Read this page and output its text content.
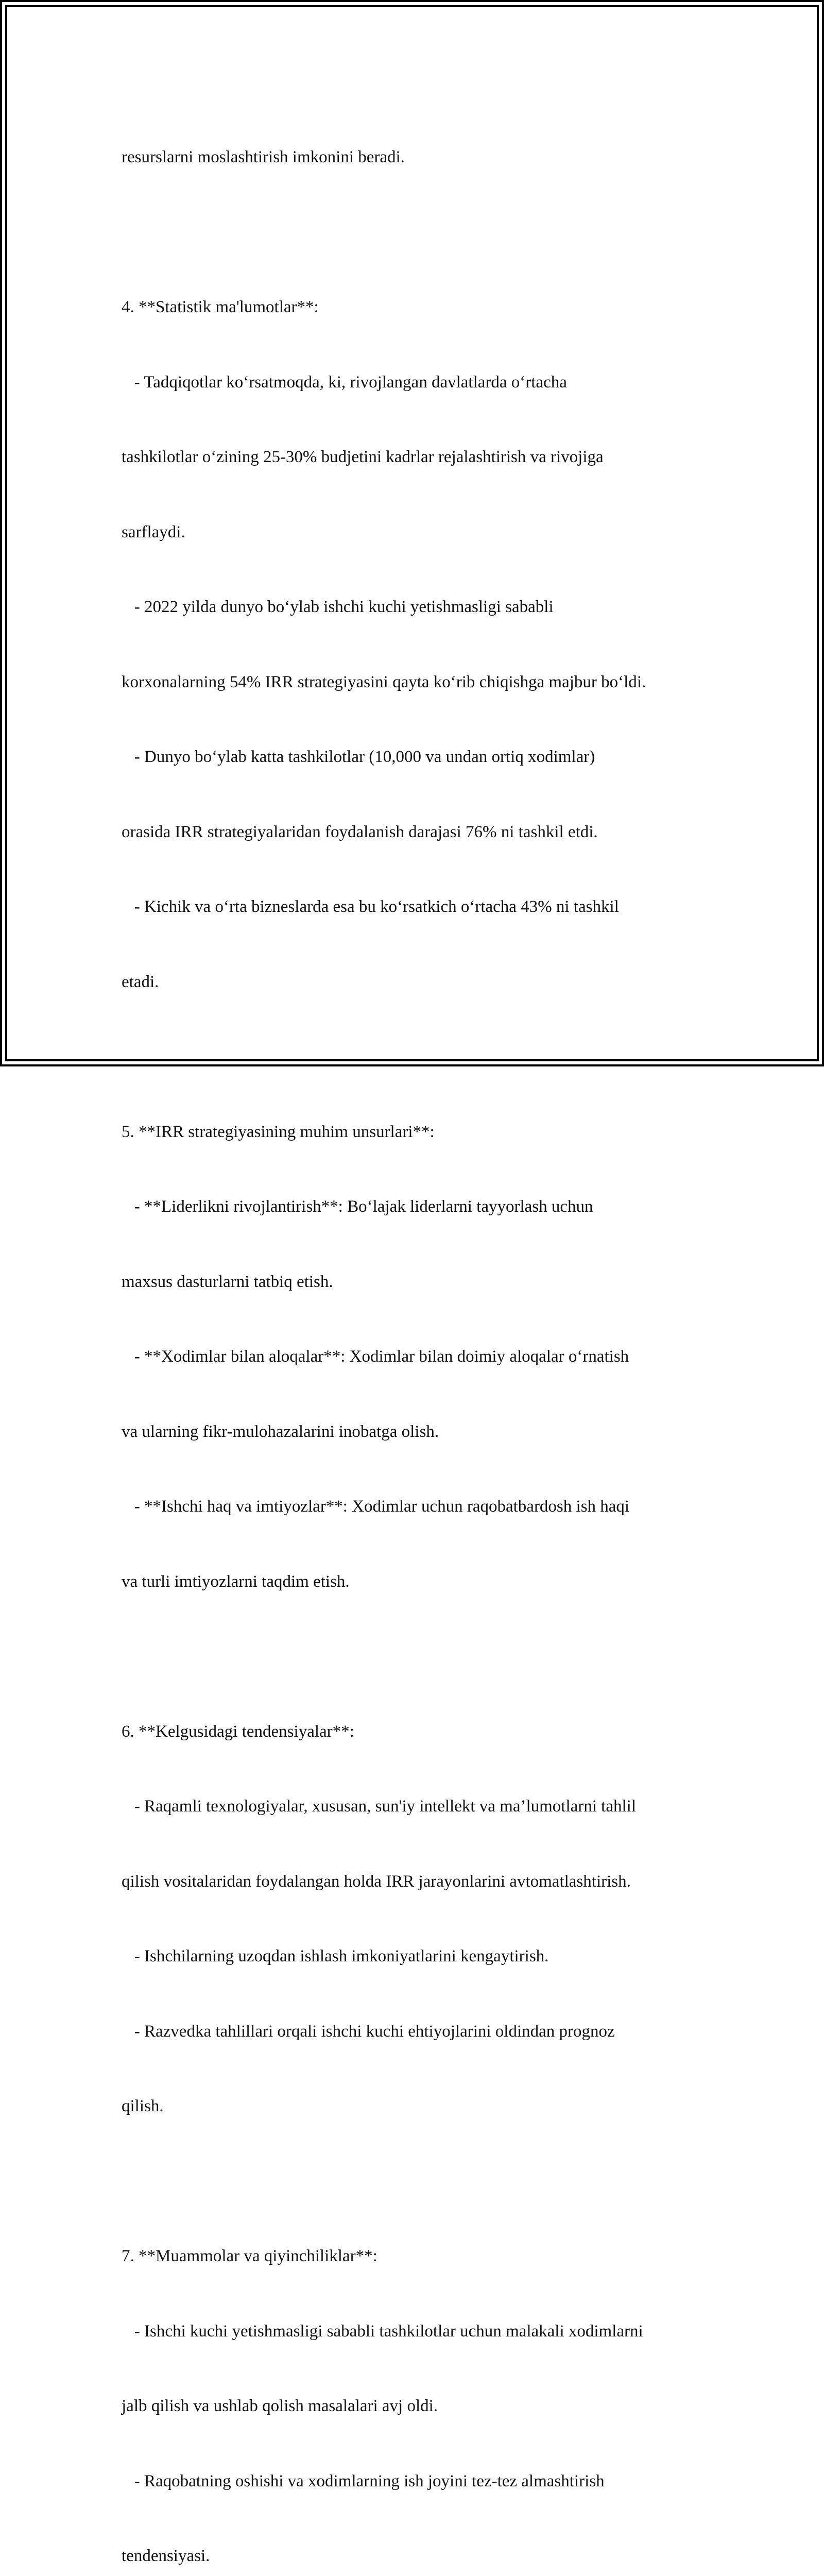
resurslarni moslashtirish imkonini beradi.

4. **Statistik ma'lumotlar**:

- Tadqiqotlar koʻrsatmoqda, ki, rivojlangan davlatlarda oʻrtacha

tashkilotlar oʻzining 25-30% budjetini kadrlar rejalashtirish va rivojiga

sarflaydi.

- 2022 yilda dunyo boʻylab ishchi kuchi yetishmasligi sababli

korxonalarning 54% IRR strategiyasini qayta koʻrib chiqishga majbur boʻldi.

- Dunyo boʻylab katta tashkilotlar (10,000 va undan ortiq xodimlar)

orasida IRR strategiyalaridan foydalanish darajasi 76% ni tashkil etdi.

- Kichik va oʻrta bizneslarda esa bu koʻrsatkich oʻrtacha 43% ni tashkil

etadi.

5. **IRR strategiyasining muhim unsurlari**:

- **Liderlikni rivojlantirish**: Boʻlajak liderlarni tayyorlash uchun

maxsus dasturlarni tatbiq etish.

- **Xodimlar bilan aloqalar**: Xodimlar bilan doimiy aloqalar oʻrnatish

va ularning fikr-mulohazalarini inobatga olish.

- **Ishchi haq va imtiyozlar**: Xodimlar uchun raqobatbardosh ish haqi

va turli imtiyozlarni taqdim etish.

6. **Kelgusidagi tendensiyalar**:

- Raqamli texnologiyalar, xususan, sun'iy intellekt va ma’lumotlarni tahlil

qilish vositalaridan foydalangan holda IRR jarayonlarini avtomatlashtirish.

- Ishchilarning uzoqdan ishlash imkoniyatlarini kengaytirish.

- Razvedka tahlillari orqali ishchi kuchi ehtiyojlarini oldindan prognoz

qilish.

7. **Muammolar va qiyinchiliklar**:

- Ishchi kuchi yetishmasligi sababli tashkilotlar uchun malakali xodimlarni

jalb qilish va ushlab qolish masalalari avj oldi.

- Raqobatning oshishi va xodimlarning ish joyini tez-tez almashtirish

tendensiyasi.
